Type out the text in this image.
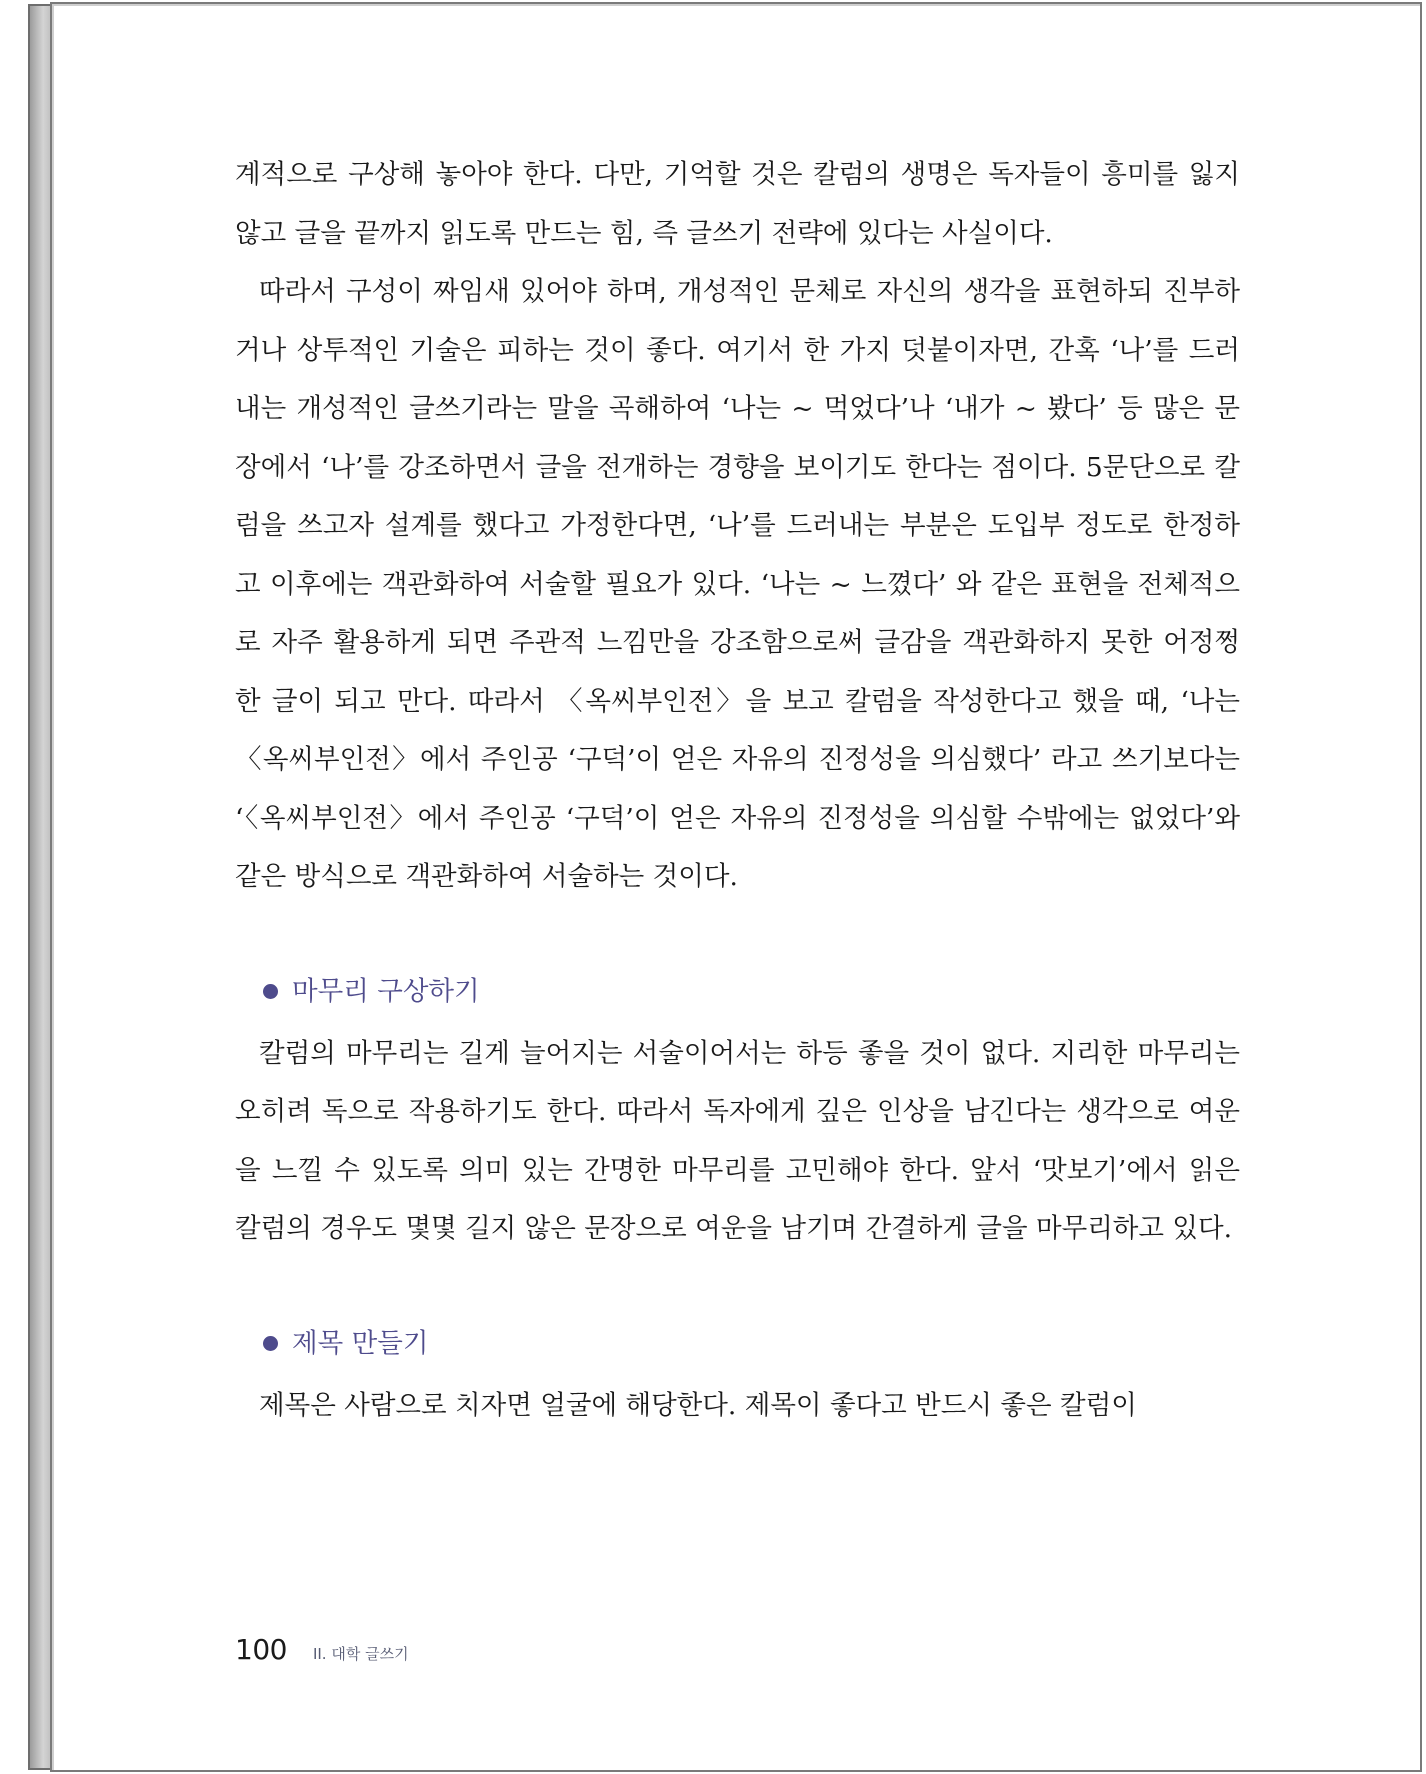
계적으로 구상해 놓아야 한다. 다만, 기억할 것은 칼럼의 생명은 독자들이 흥미를 잃지 않고 글을 끝까지 읽도록 만드는 힘, 즉 글쓰기 전략에 있다는 사실이다.

따라서 구성이 짜임새 있어야 하며, 개성적인 문체로 자신의 생각을 표현하되 진부하거나 상투적인 기술은 피하는 것이 좋다. 여기서 한 가지 덧붙이자면, 간혹 ‘나’를 드러내는 개성적인 글쓰기라는 말을 곡해하여 ‘나는 ~ 먹었다’나 ‘내가 ~ 봤다’ 등 많은 문장에서 ‘나’를 강조하면서 글을 전개하는 경향을 보이기도 한다는 점이다. 5문단으로 칼럼을 쓰고자 설계를 했다고 가정한다면, ‘나’를 드러내는 부분은 도입부 정도로 한정하고 이후에는 객관화하여 서술할 필요가 있다. ‘나는 ~ 느꼈다’ 와 같은 표현을 전체적으로 자주 활용하게 되면 주관적 느낌만을 강조함으로써 글감을 객관화하지 못한 어정쩡한 글이 되고 만다. 따라서 〈옥씨부인전〉을 보고 칼럼을 작성한다고 했을 때, ‘나는 〈옥씨부인전〉에서 주인공 ‘구덕’이 얻은 자유의 진정성을 의심했다’ 라고 쓰기보다는 ‘〈옥씨부인전〉에서 주인공 ‘구덕’이 얻은 자유의 진정성을 의심할 수밖에는 없었다’와 같은 방식으로 객관화하여 서술하는 것이다.

마무리 구상하기

칼럼의 마무리는 길게 늘어지는 서술이어서는 하등 좋을 것이 없다. 지리한 마무리는 오히려 독으로 작용하기도 한다. 따라서 독자에게 깊은 인상을 남긴다는 생각으로 여운을 느낄 수 있도록 의미 있는 간명한 마무리를 고민해야 한다. 앞서 ‘맛보기’에서 읽은 칼럼의 경우도 몇몇 길지 않은 문장으로 여운을 남기며 간결하게 글을 마무리하고 있다.

제목 만들기

제목은 사람으로 치자면 얼굴에 해당한다. 제목이 좋다고 반드시 좋은 칼럼이

100 II. 대학 글쓰기
